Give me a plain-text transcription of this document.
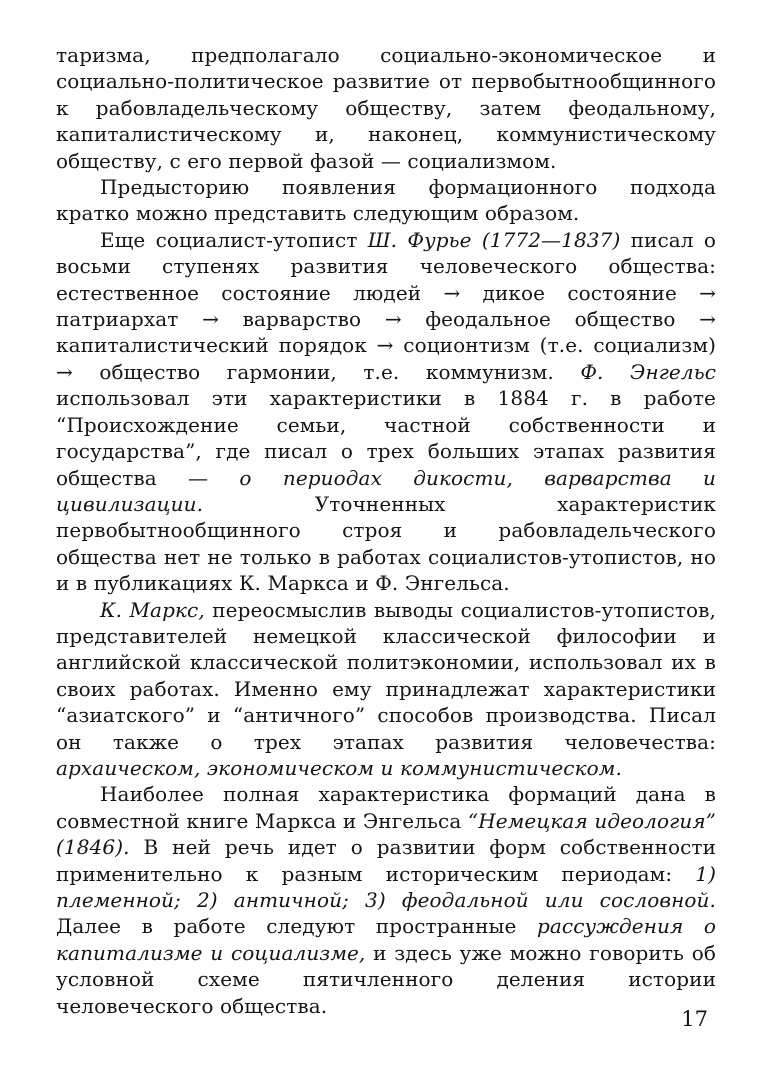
таризма, предполагало социально-экономическое и социально-политическое развитие от первобытнообщинного к рабовладельческому обществу, затем феодальному, капиталистическому и, наконец, коммунистическому обществу, с его первой фазой — социализмом.

Предысторию появления формационного подхода кратко можно представить следующим образом.

Еще социалист-утопист Ш. Фурье (1772—1837) писал о восьми ступенях развития человеческого общества: естественное состояние людей → дикое состояние → патриархат → варварство → феодальное общество → капиталистический порядок → соционтизм (т.е. социализм) → общество гармонии, т.е. коммунизм. Ф. Энгельс использовал эти характеристики в 1884 г. в работе “Происхождение семьи, частной собственности и государства”, где писал о трех больших этапах развития общества — о периодах дикости, варварства и цивилизации. Уточненных характеристик первобытнообщинного строя и рабовладельческого общества нет не только в работах социалистов-утопистов, но и в публикациях К. Маркса и Ф. Энгельса.

К. Маркс, переосмыслив выводы социалистов-утопистов, представителей немецкой классической философии и английской классической политэкономии, использовал их в своих работах. Именно ему принадлежат характеристики “азиатского” и “античного” способов производства. Писал он также о трех этапах развития человечества: архаическом, экономическом и коммунистическом.

Наиболее полная характеристика формаций дана в совместной книге Маркса и Энгельса “Немецкая идеология” (1846). В ней речь идет о развитии форм собственности применительно к разным историческим периодам: 1) племенной; 2) античной; 3) феодальной или сословной. Далее в работе следуют пространные рассуждения о капитализме и социализме, и здесь уже можно говорить об условной схеме пятичленного деления истории человеческого общества.

17
